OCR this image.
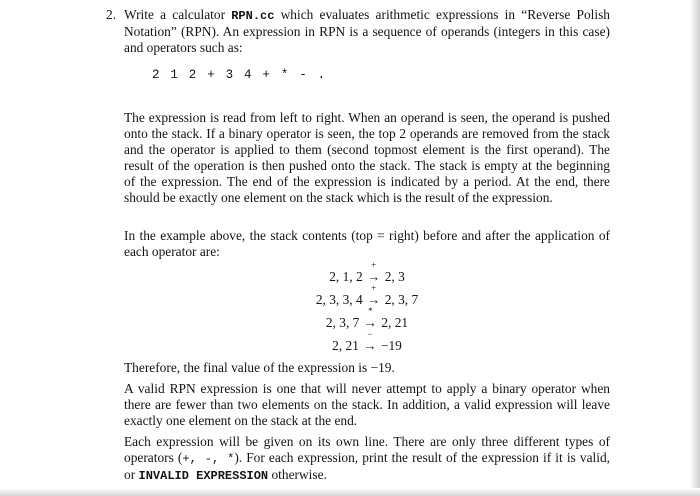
2. Write a calculator RPN.cc which evaluates arithmetic expressions in “Reverse Polish Notation” (RPN). An expression in RPN is a sequence of operands (integers in this case) and operators such as:

2 1 2 + 3 4 + * - .

The expression is read from left to right. When an operand is seen, the operand is pushed onto the stack. If a binary operator is seen, the top 2 operands are removed from the stack and the operator is applied to them (second topmost element is the first operand). The result of the operation is then pushed onto the stack. The stack is empty at the beginning of the expression. The end of the expression is indicated by a period. At the end, there should be exactly one element on the stack which is the result of the expression.

In the example above, the stack contents (top = right) before and after the application of each operator are:

2, 1, 2
+
→ 2, 3
2, 3, 3, 4
+
→ 2, 3, 7
2, 3, 7
*
→ 2, 21
2, 21
−
→ −19

Therefore, the final value of the expression is −19.

A valid RPN expression is one that will never attempt to apply a binary operator when there are fewer than two elements on the stack. In addition, a valid expression will leave exactly one element on the stack at the end.

Each expression will be given on its own line. There are only three different types of operators (+, -, *). For each expression, print the result of the expression if it is valid, or INVALID EXPRESSION otherwise.
